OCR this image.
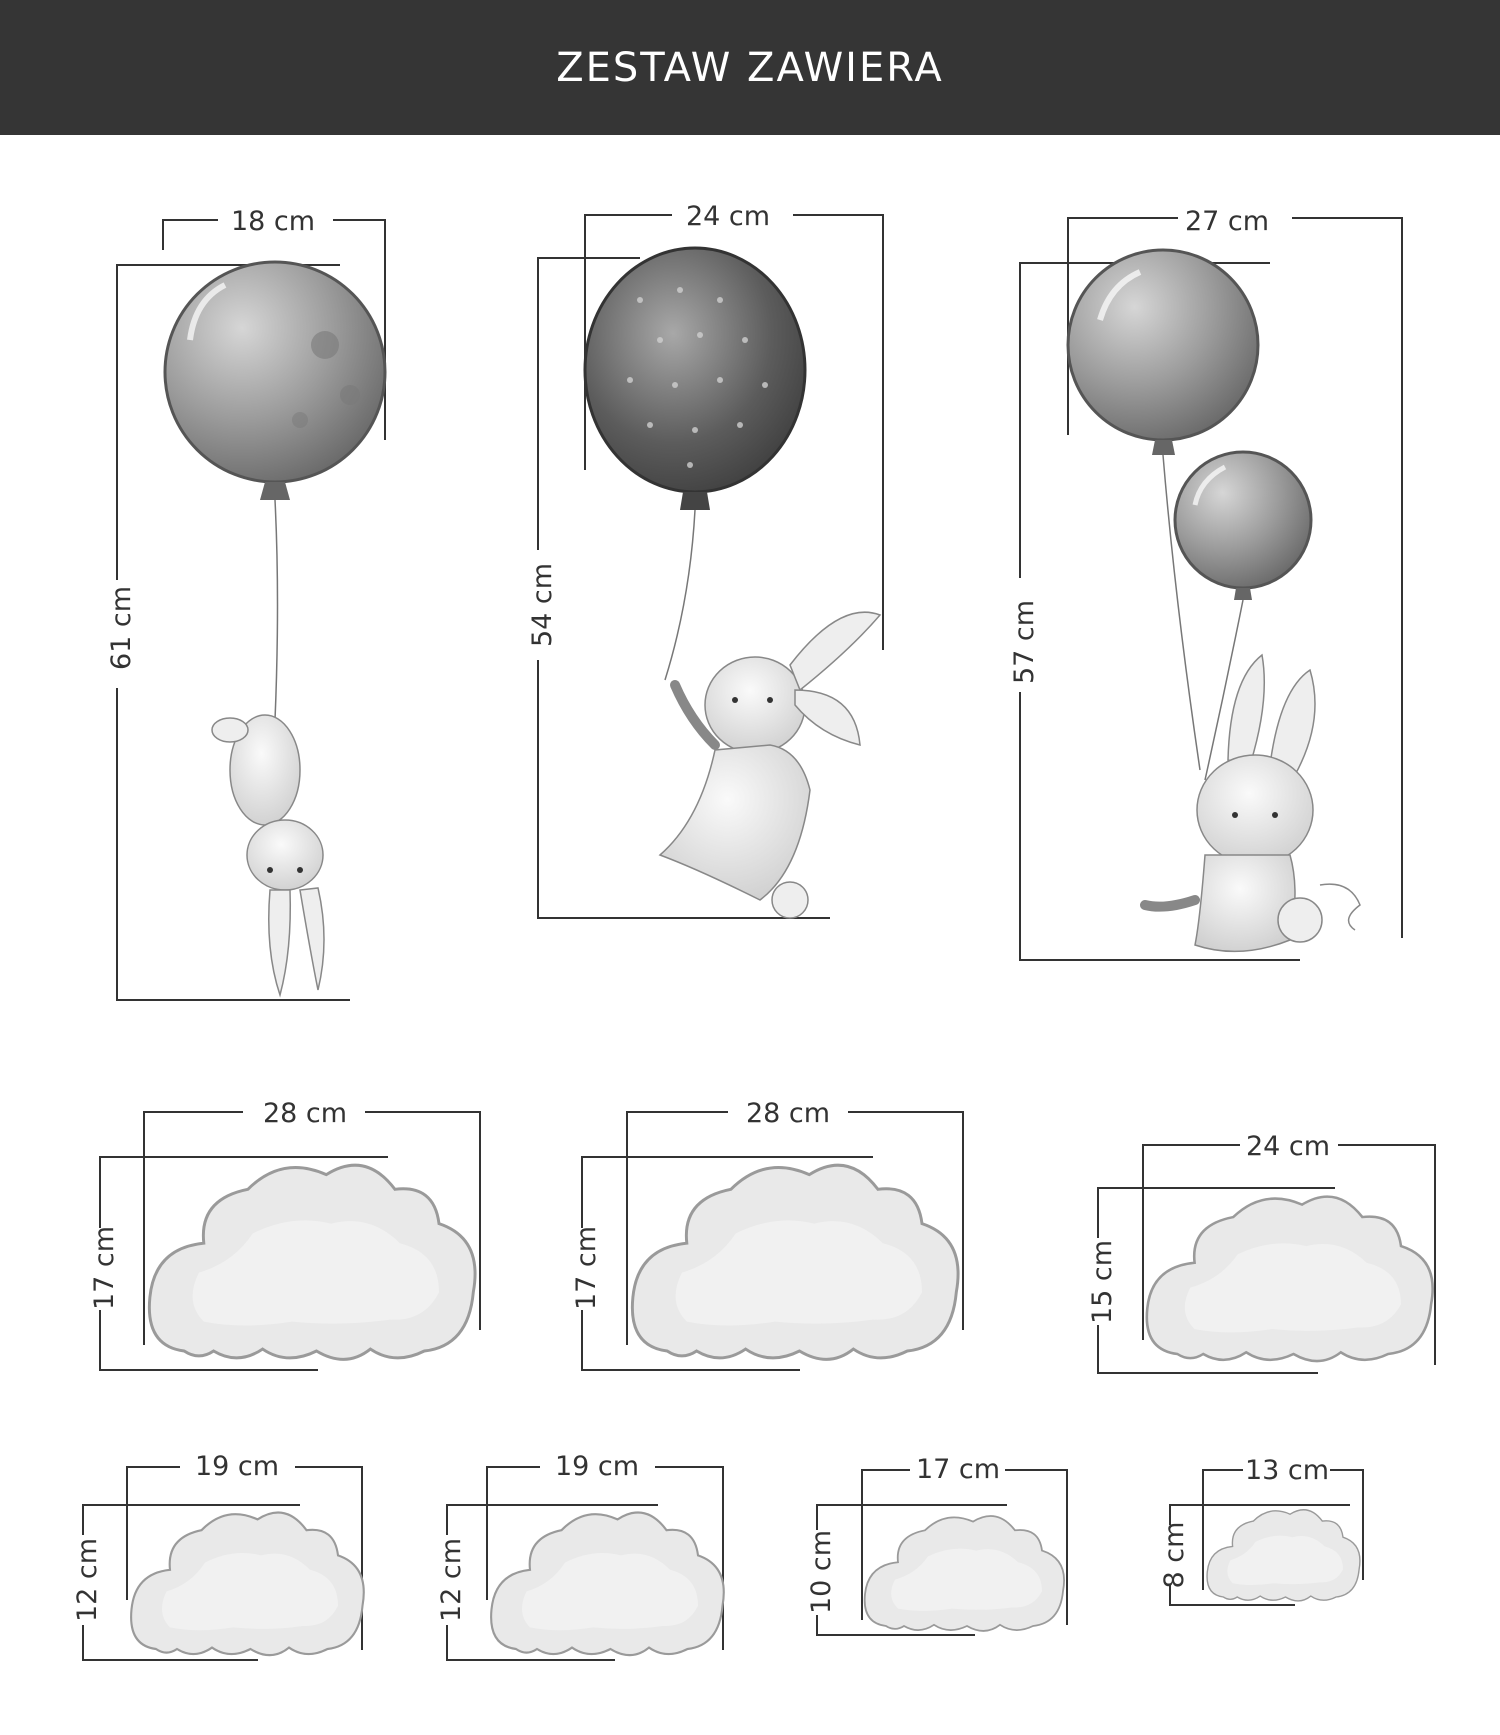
ZESTAW ZAWIERA
18 cm
61 cm
24 cm
54 cm
27 cm
57 cm
28 cm
17 cm
28 cm
17 cm
24 cm
15 cm
19 cm
12 cm
19 cm
12 cm
17 cm
10 cm
13 cm
8 cm
